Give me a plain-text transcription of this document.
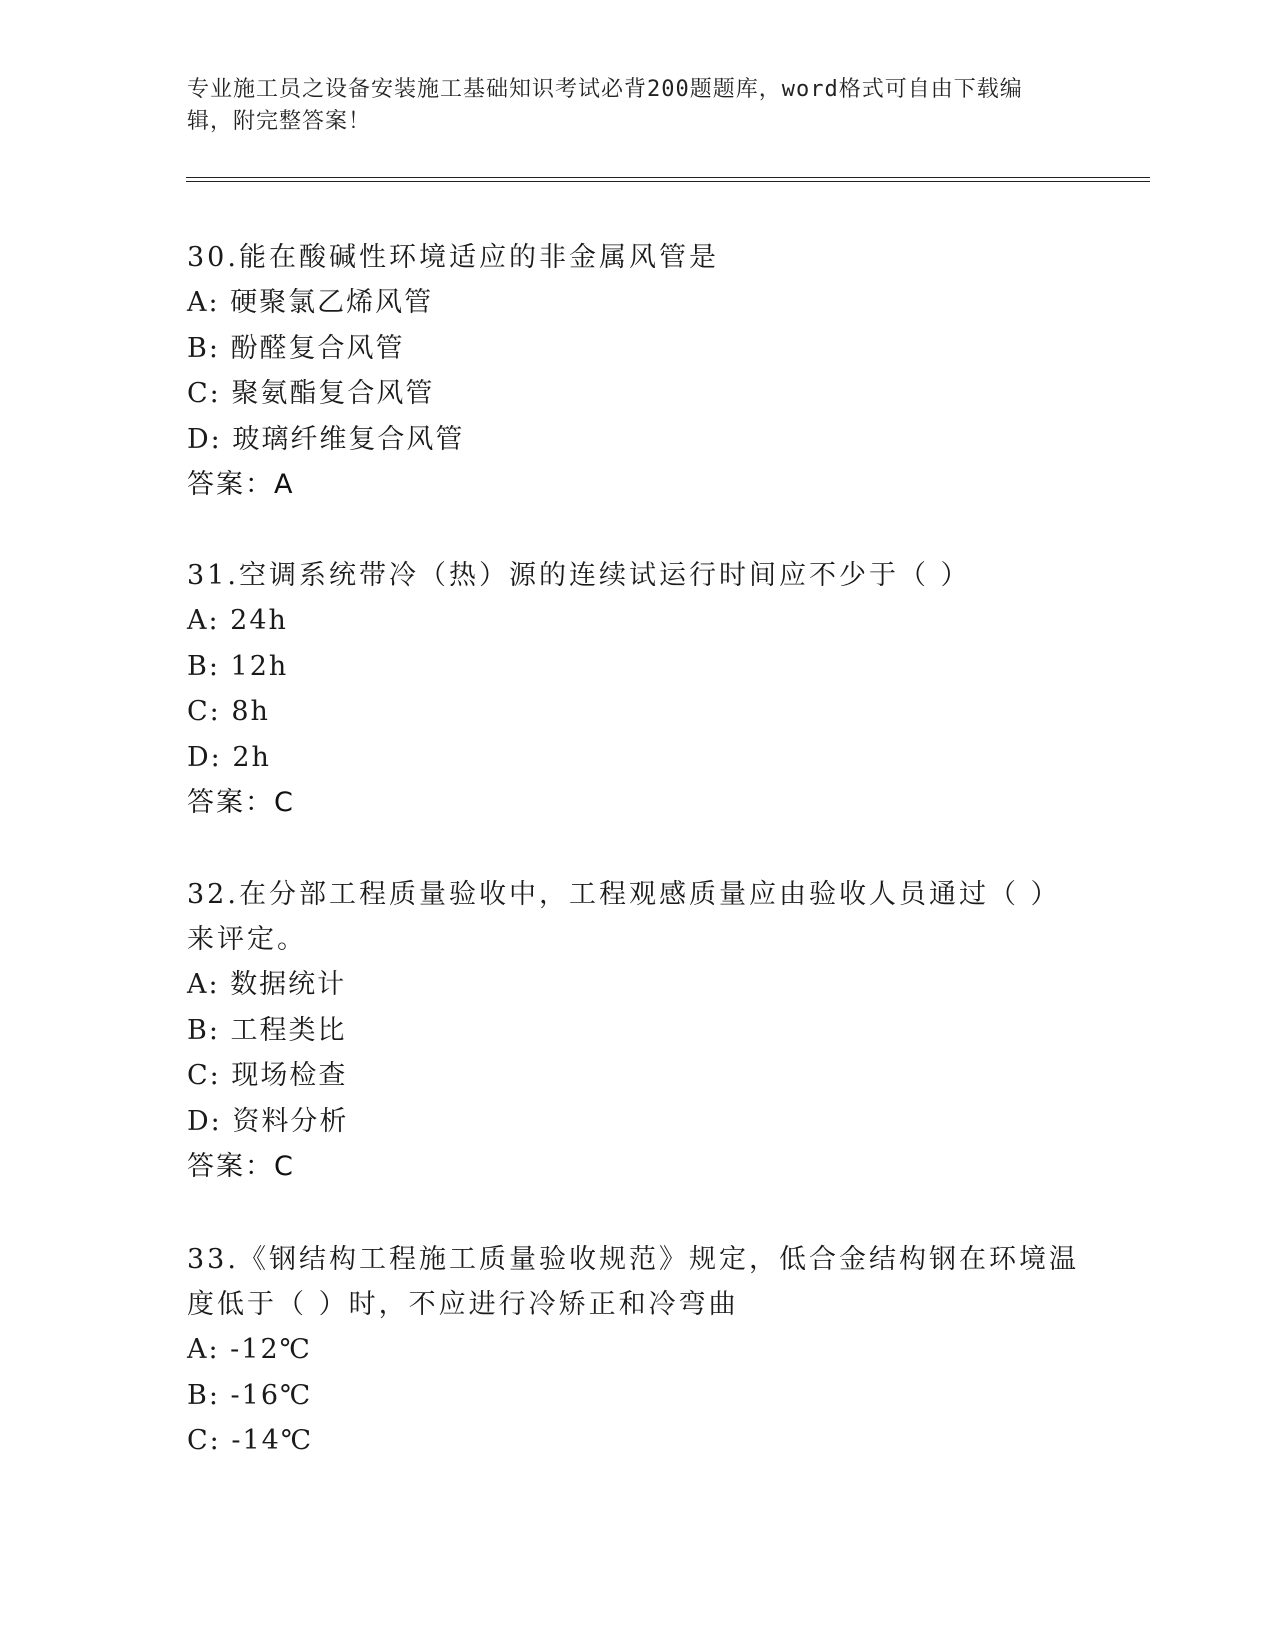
专业施工员之设备安装施工基础知识考试必背200题题库，word格式可自由下载编辑，附完整答案！

30.能在酸碱性环境适应的非金属风管是

A: 硬聚氯乙烯风管

B: 酚醛复合风管

C: 聚氨酯复合风管

D: 玻璃纤维复合风管

答案：A

31.空调系统带冷（热）源的连续试运行时间应不少于（ ）

A: 24h

B: 12h

C: 8h

D: 2h

答案：C

32.在分部工程质量验收中，工程观感质量应由验收人员通过（ ）来评定。

A: 数据统计

B: 工程类比

C: 现场检查

D: 资料分析

答案：C

33.《钢结构工程施工质量验收规范》规定，低合金结构钢在环境温度低于（ ）时，不应进行冷矫正和冷弯曲

A: -12℃

B: -16℃

C: -14℃
